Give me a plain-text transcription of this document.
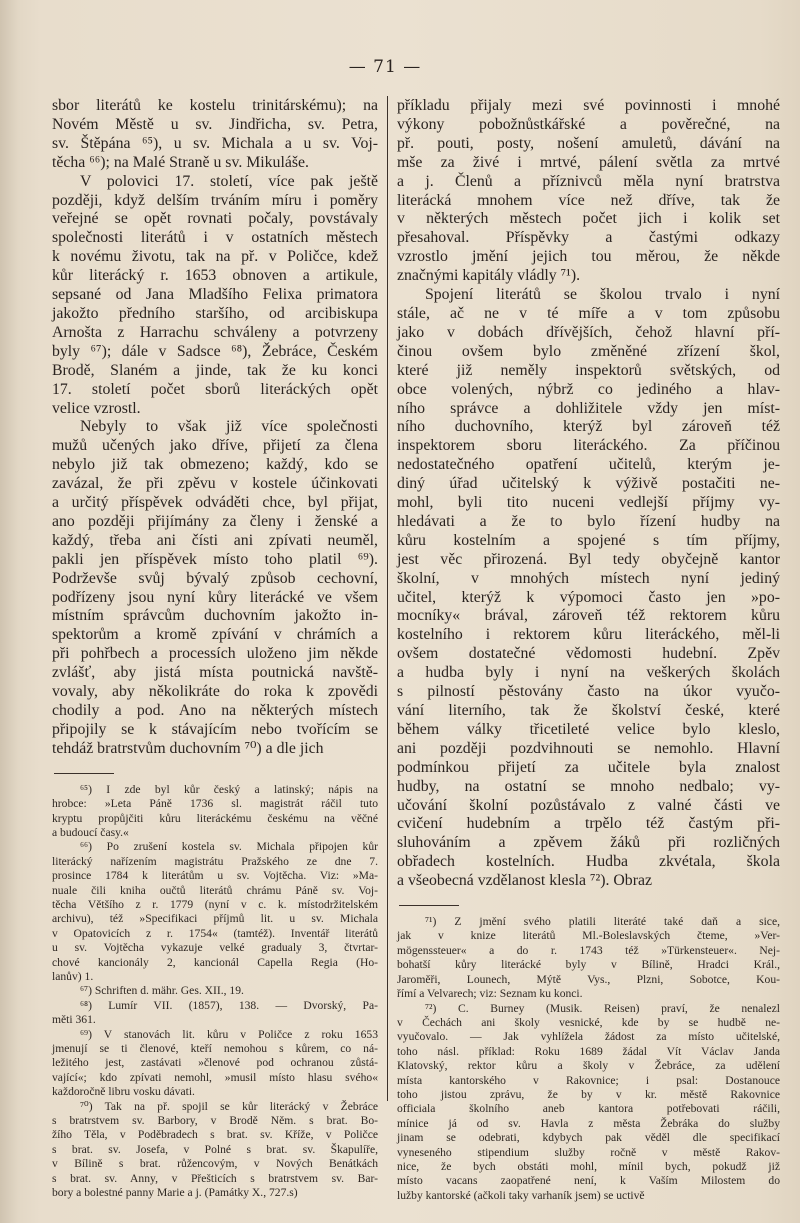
— 71 —
sbor literátů ke kostelu trinitárskému); na
Novém Městě u sv. Jindřicha, sv. Petra,
sv. Štěpána ⁶⁵), u sv. Michala a u sv. Voj-
těcha ⁶⁶); na Malé Straně u sv. Mikuláše.
V polovici 17. století, více pak ještě
později, když delším trváním míru i poměry
veřejné se opět rovnati počaly, povstávaly
společnosti literátů i v ostatních městech
k novému životu, tak na př. v Poličce, kdež
kůr literácký r. 1653 obnoven a artikule,
sepsané od Jana Mladšího Felixa primatora
jakožto předního staršího, od arcibiskupa
Arnošta z Harrachu schváleny a potvrzeny
byly ⁶⁷); dále v Sadsce ⁶⁸), Žebráce, Českém
Brodě, Slaném a jinde, tak že ku konci
17. století počet sborů literáckých opět
velice vzrostl.
Nebyly to však již více společnosti
mužů učených jako dříve, přijetí za člena
nebylo již tak obmezeno; každý, kdo se
zavázal, že při zpěvu v kostele účinkovati
a určitý příspěvek odváděti chce, byl přijat,
ano později přijímány za členy i ženské a
každý, třeba ani čísti ani zpívati neuměl,
pakli jen příspěvek místo toho platil ⁶⁹).
Podrževše svůj bývalý způsob cechovní,
podřízeny jsou nyní kůry literácké ve všem
místním správcům duchovním jakožto in-
spektorům a kromě zpívání v chrámích a
při pohřbech a processích uloženo jim někde
zvlášť, aby jistá místa poutnická navště-
vovaly, aby několikráte do roka k zpovědi
chodily a pod. Ano na některých místech
připojily se k stávajícím nebo tvořícím se
tehdáž bratrstvům duchovním ⁷⁰) a dle jich
⁶⁵) I zde byl kůr český a latinský; nápis na
hrobce: »Leta Páně 1736 sl. magistrát ráčil tuto
kryptu propůjčiti kůru literáckému českému na věčné
a budoucí časy.«
⁶⁶) Po zrušení kostela sv. Michala připojen kůr
literácký nařízením magistrátu Pražského ze dne 7.
prosince 1784 k literátům u sv. Vojtěcha. Viz: »Ma-
nuale čili kniha oučtů literátů chrámu Páně sv. Voj-
těcha Většího z r. 1779 (nyní v c. k. místodržitelském
archivu), též »Specifikaci příjmů lit. u sv. Michala
v Opatovicích z r. 1754« (tamtéž). Inventář literátů
u sv. Vojtěcha vykazuje velké gradualy 3, čtvrtar-
chové kancionály 2, kancionál Capella Regia (Ho-
lanův) 1.
⁶⁷) Schriften d. mähr. Ges. XII., 19.
⁶⁸) Lumír VII. (1857), 138. — Dvorský, Pa-
měti 361.
⁶⁹) V stanovách lit. kůru v Poličce z roku 1653
jmenují se ti členové, kteří nemohou s kůrem, co ná-
ležitého jest, zastávati »členové pod ochranou zůstá-
vající«; kdo zpívati nemohl, »musil místo hlasu svého«
každoročně libru vosku dávati.
⁷⁰) Tak na př. spojil se kůr literácký v Žebráce
s bratrstvem sv. Barbory, v Brodě Něm. s brat. Bo-
žího Těla, v Poděbradech s brat. sv. Kříže, v Poličce
s brat. sv. Josefa, v Polné s brat. sv. Škapulíře,
v Bílině s brat. růžencovým, v Nových Benátkách
s brat. sv. Anny, v Přešticích s bratrstvem sv. Bar-
bory a bolestné panny Marie a j. (Památky X., 727.s)
příkladu přijaly mezi své povinnosti i mnohé
výkony pobožnůstkářské a pověrečné, na
př. pouti, posty, nošení amuletů, dávání na
mše za živé i mrtvé, pálení světla za mrtvé
a j. Členů a příznivců měla nyní bratrstva
literácká mnohem více než dříve, tak že
v některých městech počet jich i kolik set
přesahoval. Příspěvky a častými odkazy
vzrostlo jmění jejich tou měrou, že někde
značnými kapitály vládly ⁷¹).
Spojení literátů se školou trvalo i nyní
stále, ač ne v té míře a v tom způsobu
jako v dobách dřívějších, čehož hlavní pří-
činou ovšem bylo změněné zřízení škol,
které již neměly inspektorů světských, od
obce volených, nýbrž co jediného a hlav-
ního správce a dohližitele vždy jen míst-
ního duchovního, kterýž byl zároveň též
inspektorem sboru literáckého. Za příčinou
nedostatečného opatření učitelů, kterým je-
diný úřad učitelský k výživě postačiti ne-
mohl, byli tito nuceni vedlejší příjmy vy-
hledávati a že to bylo řízení hudby na
kůru kostelním a spojené s tím příjmy,
jest věc přirozená. Byl tedy obyčejně kantor
školní, v mnohých místech nyní jediný
učitel, kterýž k výpomoci často jen »po-
mocníky« brával, zároveň též rektorem kůru
kostelního i rektorem kůru literáckého, měl-li
ovšem dostatečné vědomosti hudební. Zpěv
a hudba byly i nyní na veškerých školách
s pilností pěstovány často na úkor vyučo-
vání literního, tak že školství české, které
během války třicetileté velice bylo kleslo,
ani později pozdvihnouti se nemohlo. Hlavní
podmínkou přijetí za učitele byla znalost
hudby, na ostatní se mnoho nedbalo; vy-
učování školní pozůstávalo z valné části ve
cvičení hudebním a trpělo též častým při-
sluhováním a zpěvem žáků při rozličných
obřadech kostelních. Hudba zkvétala, škola
a všeobecná vzdělanost klesla ⁷²). Obraz
⁷¹) Z jmění svého platili literáté také daň a sice,
jak v knize literátů Ml.-Boleslavských čteme, »Ver-
mögenssteuer« a do r. 1743 též »Türkensteuer«. Nej-
bohatší kůry literácké byly v Bílině, Hradci Král.,
Jaroměři, Lounech, Mýtě Vys., Plzni, Sobotce, Kou-
římí a Velvarech; viz: Seznam ku konci.
⁷²) C. Burney (Musik. Reisen) praví, že nenalezl
v Čechách ani školy vesnické, kde by se hudbě ne-
vyučovalo. — Jak vyhlížela žádost za místo učitelské,
toho násl. příklad: Roku 1689 žádal Vít Václav Janda
Klatovský, rektor kůru a školy v Žebráce, za udělení
místa kantorského v Rakovnice; i psal: Dostanouce
toho jistou zprávu, že by v kr. městě Rakovnice
officiala školního aneb kantora potřebovati ráčili,
mínice já od sv. Havla z města Žebráka do služby
jinam se odebrati, kdybych pak věděl dle specifikací
vyneseného stipendium služby ročně v městě Rakov-
nice, že bych obstáti mohl, mínil bych, pokudž již
místo vacans zaopatřené není, k Vaším Milostem do
lužby kantorské (ačkoli taky varhaník jsem) se uctivě
